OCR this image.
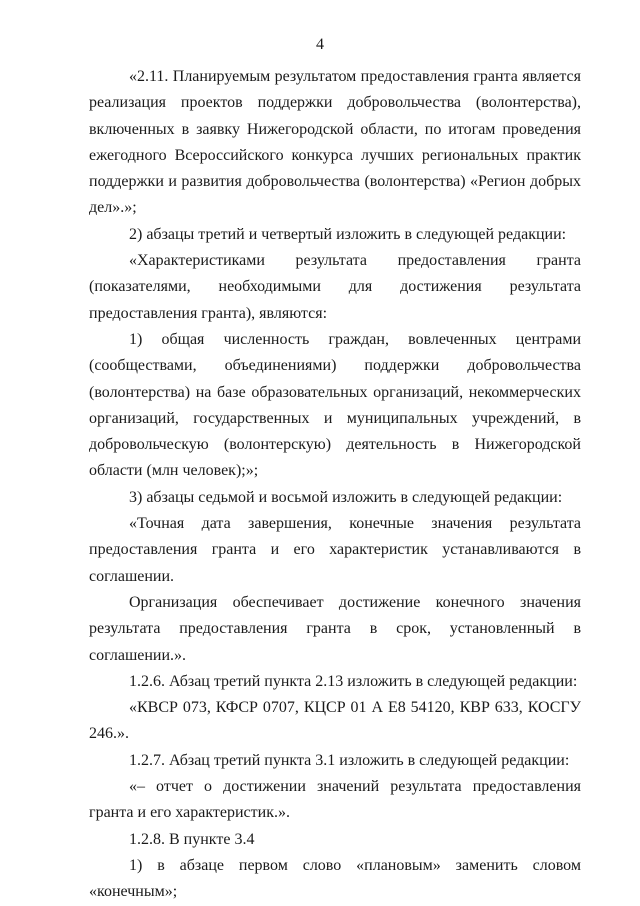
4

«2.11. Планируемым результатом предоставления гранта является реализация проектов поддержки добровольчества (волонтерства), включенных в заявку Нижегородской области, по итогам проведения ежегодного Всероссийского конкурса лучших региональных практик поддержки и развития добровольчества (волонтерства) «Регион добрых дел».»;

2) абзацы третий и четвертый изложить в следующей редакции:

«Характеристиками результата предоставления гранта (показателями, необходимыми для достижения результата предоставления гранта), являются:

1) общая численность граждан, вовлеченных центрами (сообществами, объединениями) поддержки добровольчества (волонтерства) на базе образовательных организаций, некоммерческих организаций, государственных и муниципальных учреждений, в добровольческую (волонтерскую) деятельность в Нижегородской области (млн человек);»;

3) абзацы седьмой и восьмой изложить в следующей редакции:

«Точная дата завершения, конечные значения результата предоставления гранта и его характеристик устанавливаются в соглашении.

Организация обеспечивает достижение конечного значения результата предоставления гранта в срок, установленный в соглашении.».

1.2.6. Абзац третий пункта 2.13 изложить в следующей редакции:

«КВСР 073, КФСР 0707, КЦСР 01 А Е8 54120, КВР 633, КОСГУ 246.».

1.2.7. Абзац третий пункта 3.1 изложить в следующей редакции:

«– отчет о достижении значений результата предоставления гранта и его характеристик.».

1.2.8. В пункте 3.4

1) в абзаце первом слово «плановым» заменить словом «конечным»;
